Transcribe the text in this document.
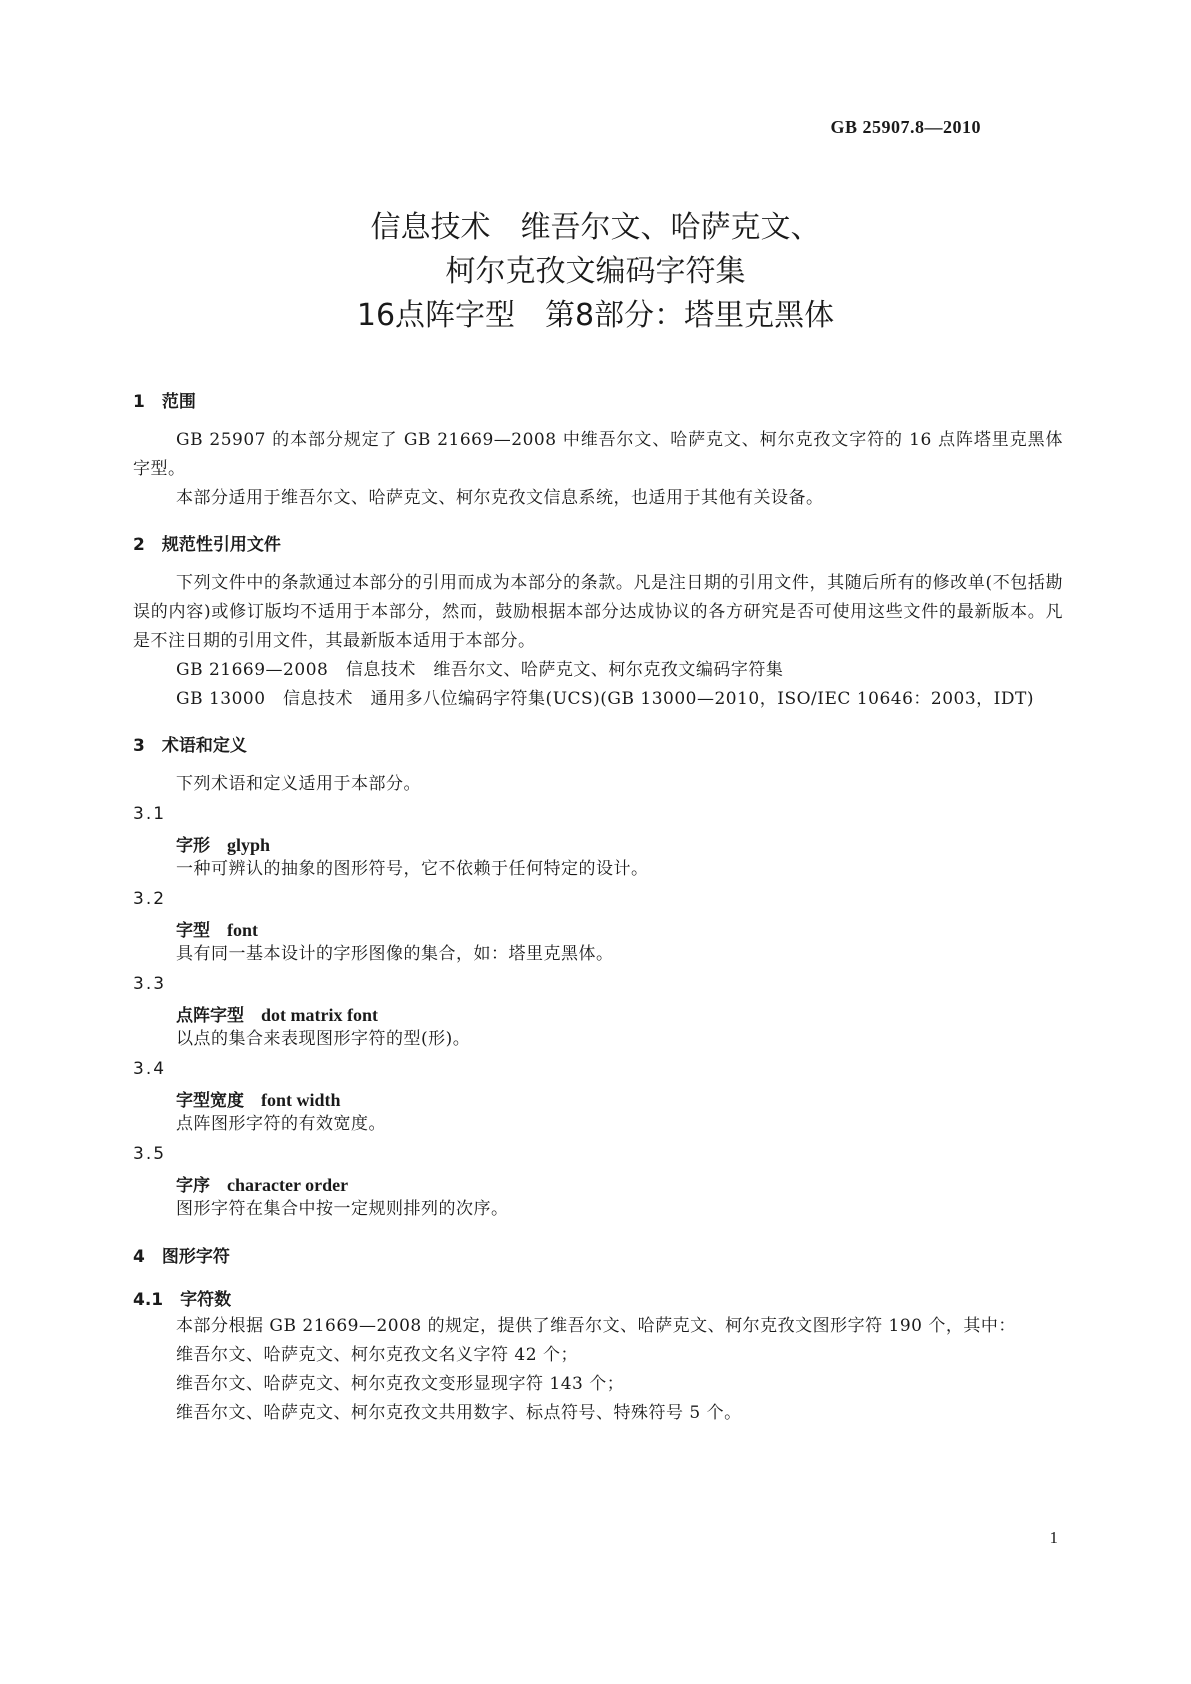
GB 25907.8—2010
信息技术　维吾尔文、哈萨克文、
柯尔克孜文编码字符集
16点阵字型　第8部分：塔里克黑体
1　范围
GB 25907 的本部分规定了 GB 21669—2008 中维吾尔文、哈萨克文、柯尔克孜文字符的 16 点阵塔里克黑体字型。
本部分适用于维吾尔文、哈萨克文、柯尔克孜文信息系统，也适用于其他有关设备。
2　规范性引用文件
下列文件中的条款通过本部分的引用而成为本部分的条款。凡是注日期的引用文件，其随后所有的修改单(不包括勘误的内容)或修订版均不适用于本部分，然而，鼓励根据本部分达成协议的各方研究是否可使用这些文件的最新版本。凡是不注日期的引用文件，其最新版本适用于本部分。
GB 21669—2008　信息技术　维吾尔文、哈萨克文、柯尔克孜文编码字符集
GB 13000　信息技术　通用多八位编码字符集(UCS)(GB 13000—2010，ISO/IEC 10646：2003，IDT)
3　术语和定义
下列术语和定义适用于本部分。
3.1
字形　 glyph
一种可辨认的抽象的图形符号，它不依赖于任何特定的设计。
3.2
字型　 font
具有同一基本设计的字形图像的集合，如：塔里克黑体。
3.3
点阵字型　 dot matrix font
以点的集合来表现图形字符的型(形)。
3.4
字型宽度　 font width
点阵图形字符的有效宽度。
3.5
字序　 character order
图形字符在集合中按一定规则排列的次序。
4　图形字符
4.1　字符数
本部分根据 GB 21669—2008 的规定，提供了维吾尔文、哈萨克文、柯尔克孜文图形字符 190 个，其中：
维吾尔文、哈萨克文、柯尔克孜文名义字符 42 个；
维吾尔文、哈萨克文、柯尔克孜文变形显现字符 143 个；
维吾尔文、哈萨克文、柯尔克孜文共用数字、标点符号、特殊符号 5 个。
1
